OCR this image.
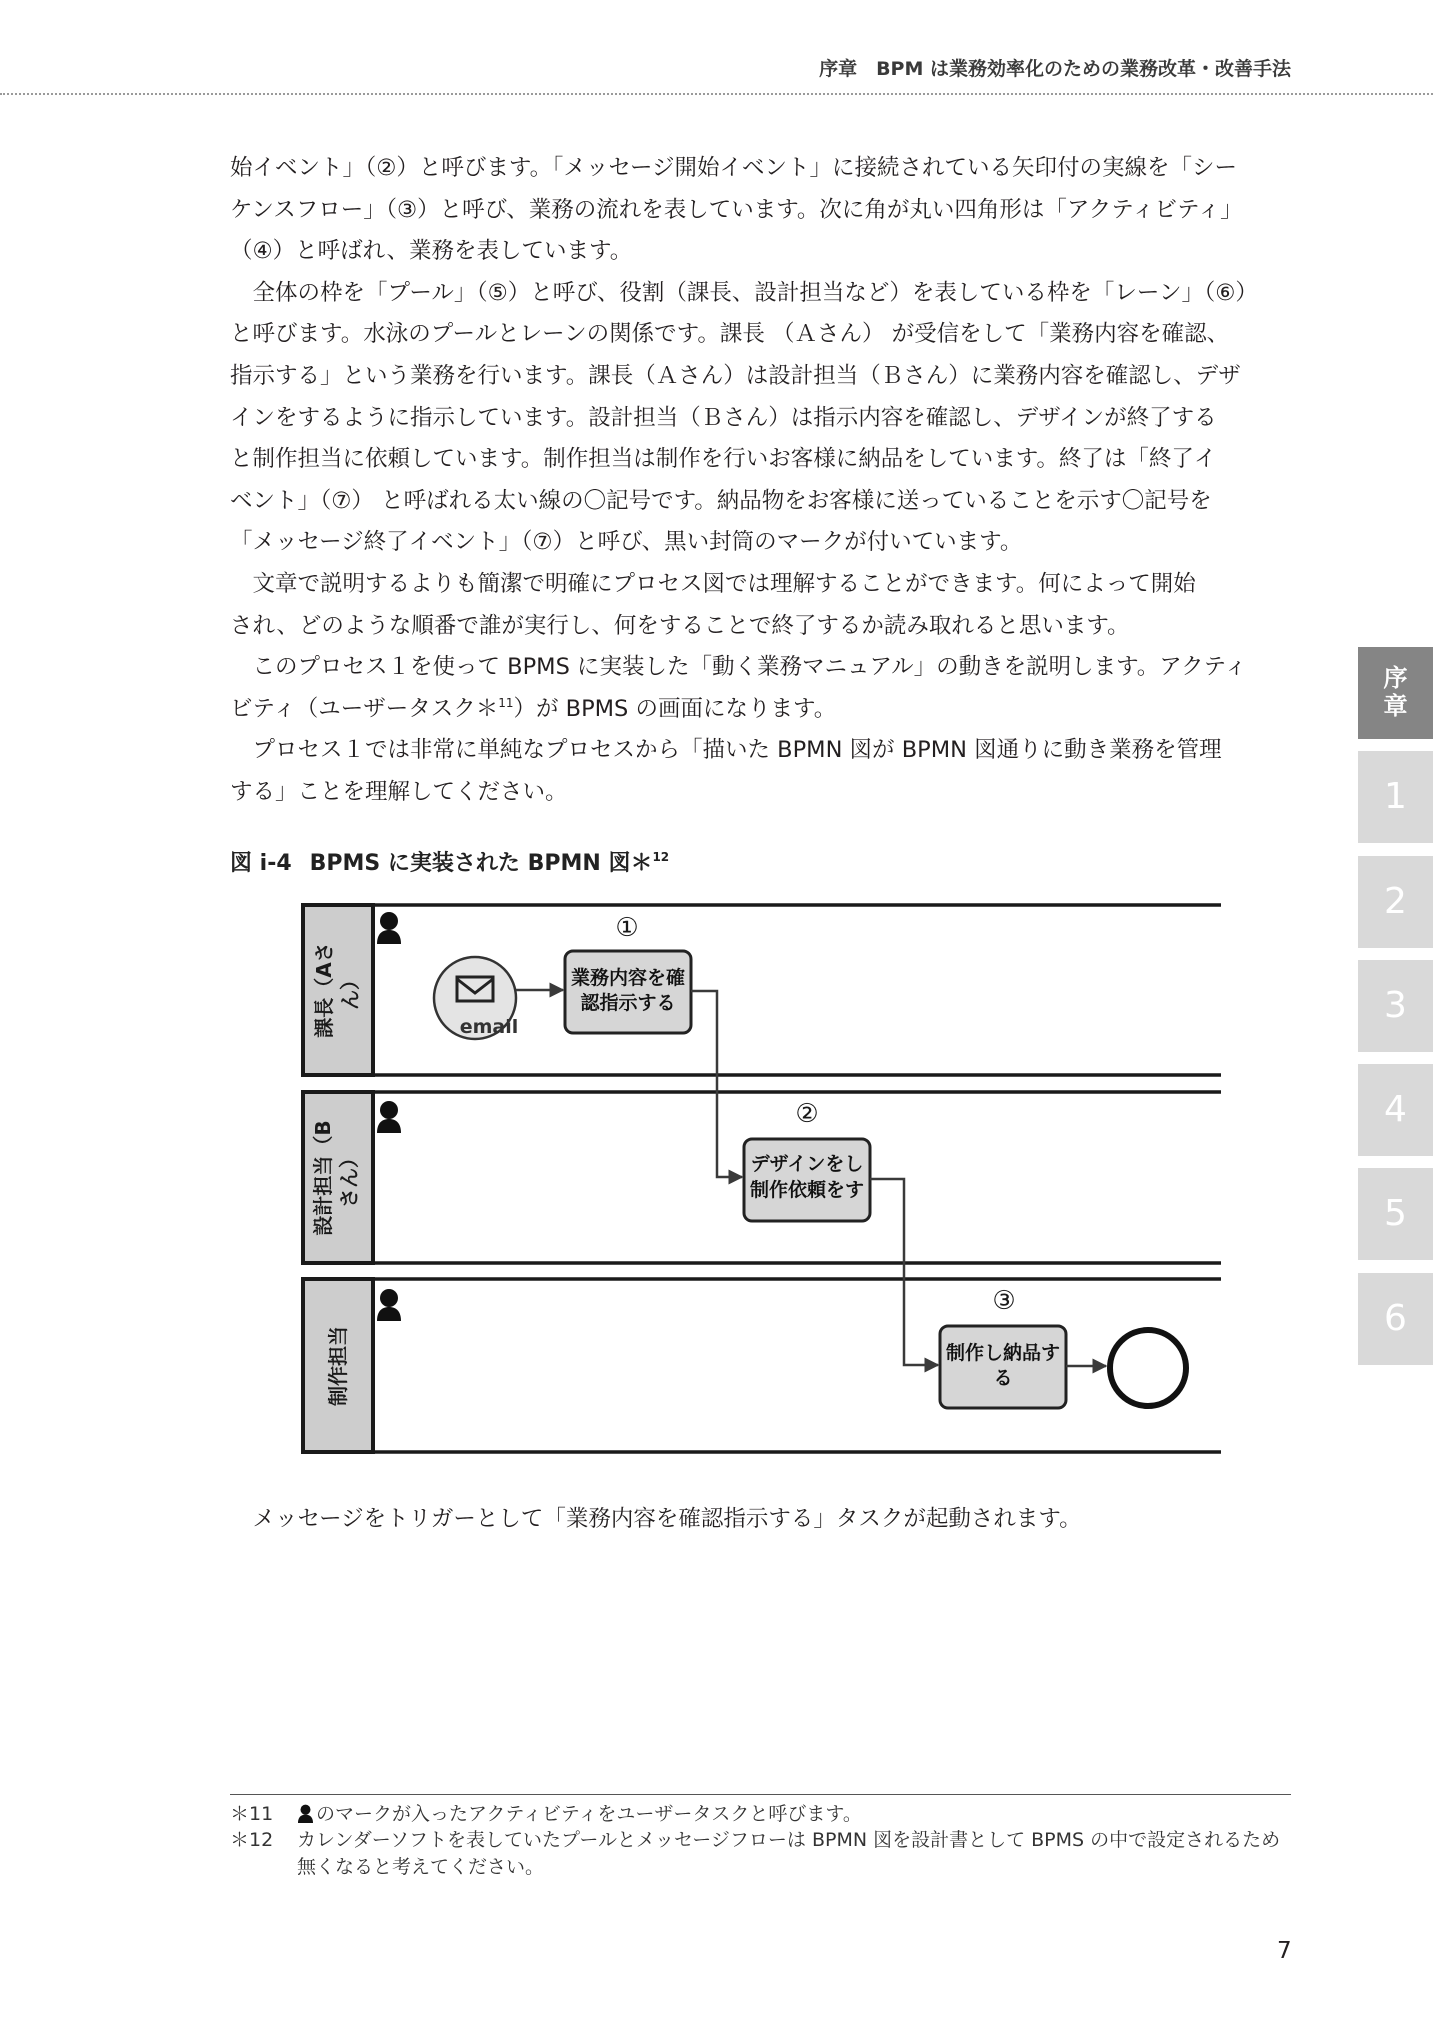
序章　BPM は業務効率化のための業務改革・改善手法
始イベント」（②）と呼びます。「メッセージ開始イベント」に接続されている矢印付の実線を「シー
ケンスフロー」（③）と呼び、業務の流れを表しています。次に角が丸い四角形は「アクティビティ」
（④）と呼ばれ、業務を表しています。
　全体の枠を「プール」（⑤）と呼び、役割（課長、設計担当など）を表している枠を「レーン」（⑥）
と呼びます。水泳のプールとレーンの関係です。課長 （Ａさん） が受信をして「業務内容を確認、
指示する」という業務を行います。課長（Ａさん）は設計担当（Ｂさん）に業務内容を確認し、デザ
インをするように指示しています。設計担当（Ｂさん）は指示内容を確認し、デザインが終了する
と制作担当に依頼しています。制作担当は制作を行いお客様に納品をしています。終了は「終了イ
ベント」（⑦） と呼ばれる太い線の〇記号です。納品物をお客様に送っていることを示す〇記号を
「メッセージ終了イベント」（⑦）と呼び、黒い封筒のマークが付いています。
　文章で説明するよりも簡潔で明確にプロセス図では理解することができます。何によって開始
され、どのような順番で誰が実行し、何をすることで終了するか読み取れると思います。
　このプロセス１を使って BPMS に実装した「動く業務マニュアル」の動きを説明します。アクティ
ビティ（ユーザータスク＊$^{11}$）が BPMS の画面になります。
　プロセス１では非常に単純なプロセスから「描いた BPMN 図が BPMN 図通りに動き業務を管理
する」ことを理解してください。
図 i-4 BPMS に実装された BPMN 図＊$^{12}$
課長（Aさ ん）
①
email
業務内容を確
認指示する
設計担当（B さん）
②
デザインをし
制作依頼をす
制作担当
③
制作し納品す
る
　メッセージをトリガーとして「業務内容を確認指示する」タスクが起動されます。
＊11	のマークが入ったアクティビティをユーザータスクと呼びます。
＊12 カレンダーソフトを表していたプールとメッセージフローは BPMN 図を設計書として BPMS の中で設定されるため
無くなると考えてください。
7
序章
1
2
3
4
5
6
